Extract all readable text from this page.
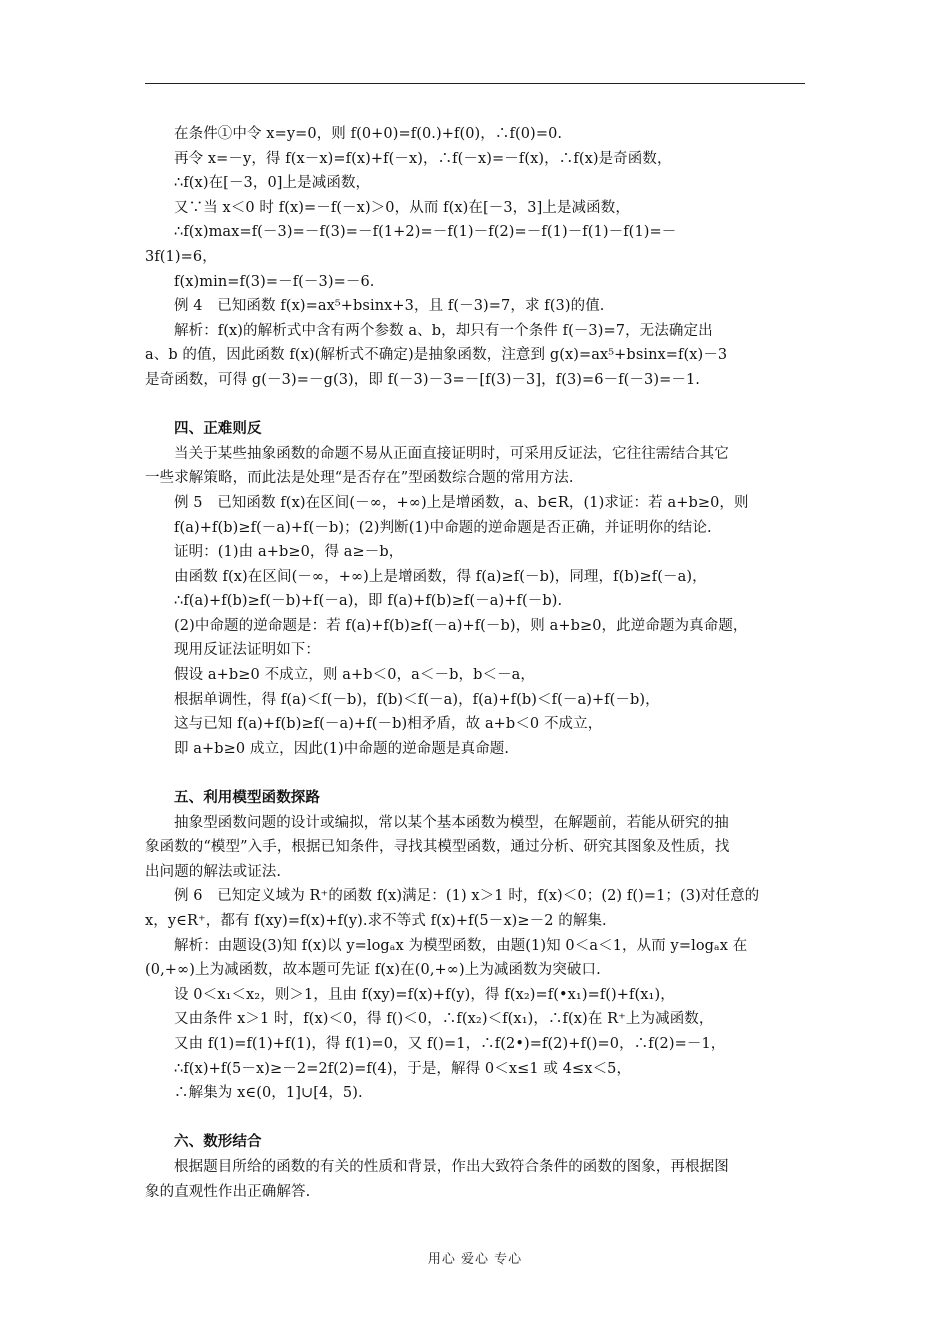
在条件①中令 x=y=0，则 f(0+0)=f(0.)+f(0)，∴f(0)=0.
再令 x=－y，得 f(x－x)=f(x)+f(－x)，∴f(－x)=－f(x)，∴f(x)是奇函数，
∴f(x)在[－3，0]上是减函数，
又∵当 x＜0 时 f(x)=－f(－x)＞0，从而 f(x)在[－3，3]上是减函数，
∴f(x)max=f(－3)=－f(3)=－f(1+2)=－f(1)－f(2)=－f(1)－f(1)－f(1)=－
3f(1)=6，
f(x)min=f(3)=－f(－3)=－6.
例 4　已知函数 f(x)=ax⁵+bsinx+3，且 f(－3)=7，求 f(3)的值.
解析：f(x)的解析式中含有两个参数 a、b，却只有一个条件 f(－3)=7，无法确定出
a、b 的值，因此函数 f(x)(解析式不确定)是抽象函数，注意到 g(x)=ax⁵+bsinx=f(x)－3
是奇函数，可得 g(－3)=－g(3)，即 f(－3)－3=－[f(3)－3]，f(3)=6－f(－3)=－1.
四、正难则反
当关于某些抽象函数的命题不易从正面直接证明时，可采用反证法，它往往需结合其它
一些求解策略，而此法是处理“是否存在”型函数综合题的常用方法.
例 5　已知函数 f(x)在区间(－∞，+∞)上是增函数，a、b∈R，(1)求证：若 a+b≥0，则
f(a)+f(b)≥f(－a)+f(－b)；(2)判断(1)中命题的逆命题是否正确，并证明你的结论.
证明：(1)由 a+b≥0，得 a≥－b，
由函数 f(x)在区间(－∞，+∞)上是增函数，得 f(a)≥f(－b)，同理，f(b)≥f(－a)，
∴f(a)+f(b)≥f(－b)+f(－a)，即 f(a)+f(b)≥f(－a)+f(－b).
(2)中命题的逆命题是：若 f(a)+f(b)≥f(－a)+f(－b)，则 a+b≥0，此逆命题为真命题，
现用反证法证明如下：
假设 a+b≥0 不成立，则 a+b＜0，a＜－b，b＜－a，
根据单调性，得 f(a)＜f(－b)，f(b)＜f(－a)，f(a)+f(b)＜f(－a)+f(－b)，
这与已知 f(a)+f(b)≥f(－a)+f(－b)相矛盾，故 a+b＜0 不成立，
即 a+b≥0 成立，因此(1)中命题的逆命题是真命题.
五、利用模型函数探路
抽象型函数问题的设计或编拟，常以某个基本函数为模型，在解题前，若能从研究的抽
象函数的“模型”入手，根据已知条件，寻找其模型函数，通过分析、研究其图象及性质，找
出问题的解法或证法.
例 6　已知定义域为 R⁺的函数 f(x)满足：(1) x＞1 时，f(x)＜0；(2) f()=1；(3)对任意的
x，y∈R⁺，都有 f(xy)=f(x)+f(y).求不等式 f(x)+f(5－x)≥－2 的解集.
解析：由题设(3)知 f(x)以 y=logₐx 为模型函数，由题(1)知 0＜a＜1，从而 y=logₐx 在
(0,+∞)上为减函数，故本题可先证 f(x)在(0,+∞)上为减函数为突破口.
设 0＜x₁＜x₂，则＞1，且由 f(xy)=f(x)+f(y)，得 f(x₂)=f(•x₁)=f()+f(x₁)，
又由条件 x＞1 时，f(x)＜0，得 f()＜0，∴f(x₂)＜f(x₁)，∴f(x)在 R⁺上为减函数，
又由 f(1)=f(1)+f(1)，得 f(1)=0，又 f()=1，∴f(2•)=f(2)+f()=0，∴f(2)=－1，
∴f(x)+f(5－x)≥－2=2f(2)=f(4)，于是，解得 0＜x≤1 或 4≤x＜5，
∴解集为 x∈(0，1]∪[4，5).
六、数形结合
根据题目所给的函数的有关的性质和背景，作出大致符合条件的函数的图象，再根据图
象的直观性作出正确解答.
用心 爱心 专心
